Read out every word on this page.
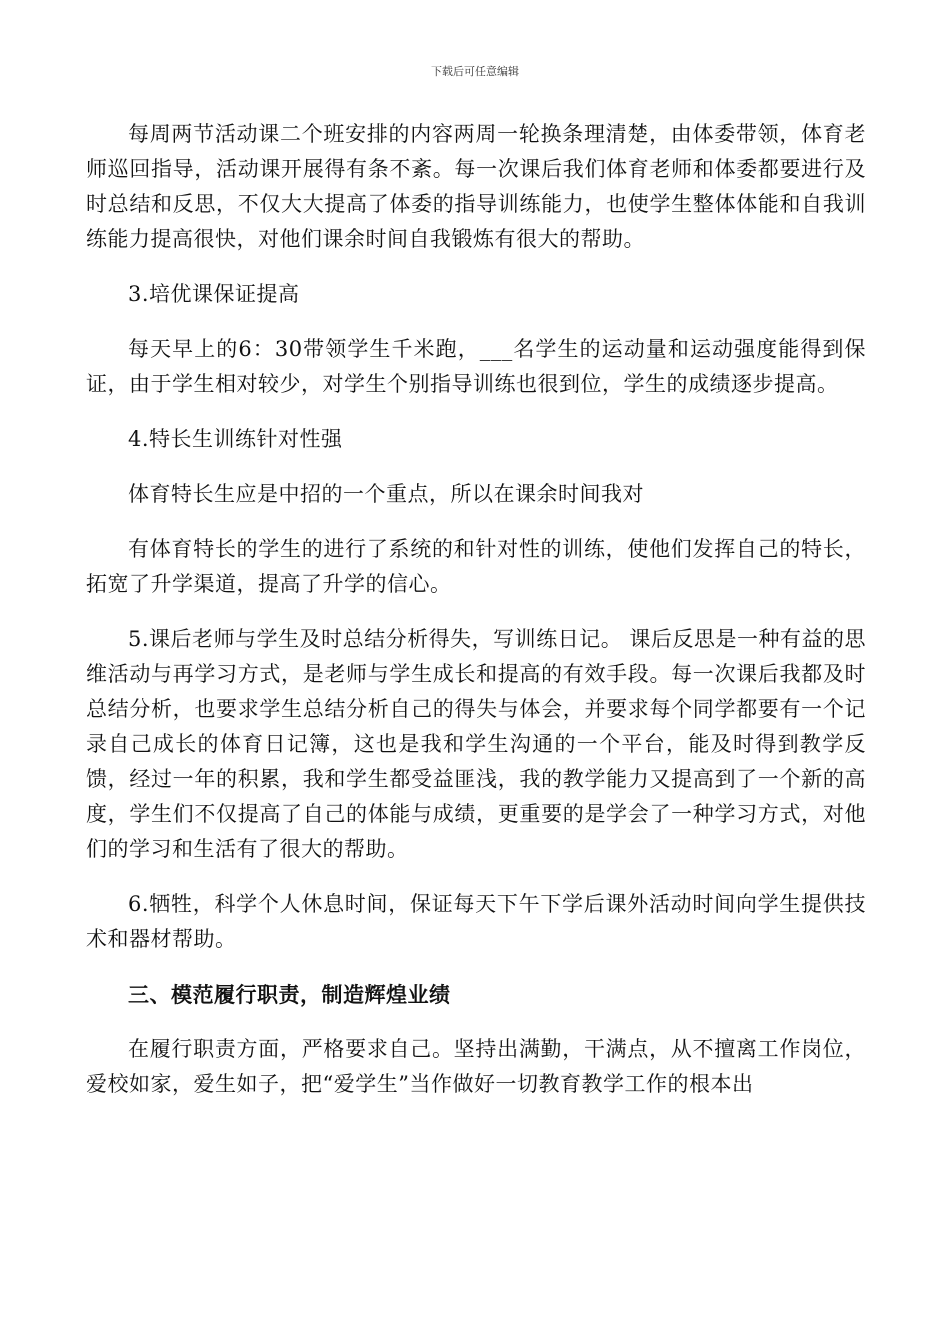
下载后可任意编辑

每周两节活动课二个班安排的内容两周一轮换条理清楚，由体委带领，体育老师巡回指导，活动课开展得有条不紊。每一次课后我们体育老师和体委都要进行及时总结和反思，不仅大大提高了体委的指导训练能力，也使学生整体体能和自我训练能力提高很快，对他们课余时间自我锻炼有很大的帮助。

3.培优课保证提高

每天早上的6：30带领学生千米跑，___名学生的运动量和运动强度能得到保证，由于学生相对较少，对学生个别指导训练也很到位，学生的成绩逐步提高。

4.特长生训练针对性强

体育特长生应是中招的一个重点，所以在课余时间我对

有体育特长的学生的进行了系统的和针对性的训练，使他们发挥自己的特长，拓宽了升学渠道，提高了升学的信心。

5.课后老师与学生及时总结分析得失，写训练日记。 课后反思是一种有益的思维活动与再学习方式，是老师与学生成长和提高的有效手段。每一次课后我都及时总结分析，也要求学生总结分析自己的得失与体会，并要求每个同学都要有一个记录自己成长的体育日记簿，这也是我和学生沟通的一个平台，能及时得到教学反馈，经过一年的积累，我和学生都受益匪浅，我的教学能力又提高到了一个新的高度，学生们不仅提高了自己的体能与成绩，更重要的是学会了一种学习方式，对他们的学习和生活有了很大的帮助。

6.牺牲，科学个人休息时间，保证每天下午下学后课外活动时间向学生提供技术和器材帮助。

三、模范履行职责，制造辉煌业绩

在履行职责方面，严格要求自己。坚持出满勤，干满点，从不擅离工作岗位，爱校如家，爱生如子，把“爱学生”当作做好一切教育教学工作的根本出
